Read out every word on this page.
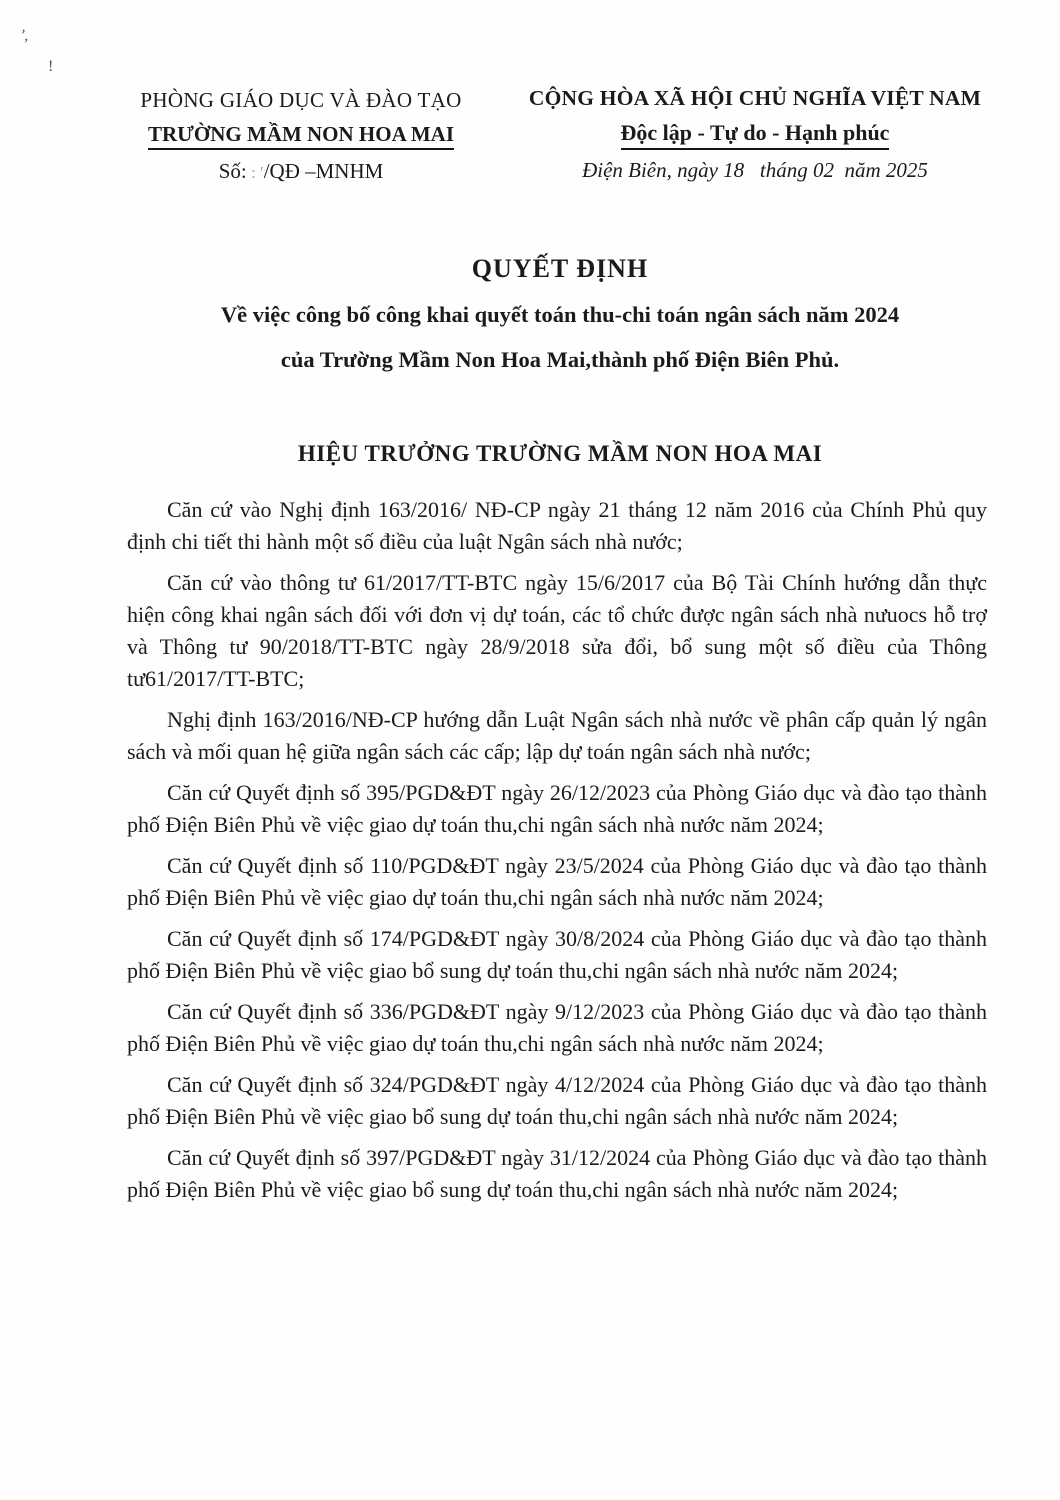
’,
!
PHÒNG GIÁO DỤC VÀ ĐÀO TẠO
TRƯỜNG MẦM NON HOA MAI
Số: : ′/QĐ –MNHM
CỘNG HÒA XÃ HỘI CHỦ NGHĨA VIỆT NAM
Độc lập - Tự do - Hạnh phúc
Điện Biên, ngày 18   tháng 02  năm 2025
QUYẾT ĐỊNH
Về việc công bố công khai quyết toán thu-chi toán ngân sách năm 2024
của Trường Mầm Non Hoa Mai,thành phố Điện Biên Phủ.
HIỆU TRƯỞNG TRƯỜNG MẦM NON HOA MAI

Căn cứ vào Nghị định 163/2016/ NĐ-CP ngày 21 tháng 12 năm 2016 của Chính Phủ quy định chi tiết thi hành một số điều của luật Ngân sách nhà nước;

Căn cứ vào thông tư 61/2017/TT-BTC ngày 15/6/2017 của Bộ Tài Chính hướng dẫn thực hiện công khai ngân sách đối với đơn vị dự toán, các tổ chức được ngân sách nhà nưuocs hỗ trợ và Thông tư 90/2018/TT-BTC ngày 28/9/2018 sửa đổi, bổ sung một số điều của Thông tư61/2017/TT-BTC;

Nghị định 163/2016/NĐ-CP hướng dẫn Luật Ngân sách nhà nước về phân cấp quản lý ngân sách và mối quan hệ giữa ngân sách các cấp; lập dự toán ngân sách nhà nước;

Căn cứ Quyết định số 395/PGD&ĐT ngày 26/12/2023 của Phòng Giáo dục và đào tạo thành phố Điện Biên Phủ về việc giao dự toán thu,chi ngân sách nhà nước năm 2024;

Căn cứ Quyết định số 110/PGD&ĐT ngày 23/5/2024 của Phòng Giáo dục và đào tạo thành phố Điện Biên Phủ về việc giao dự toán thu,chi ngân sách nhà nước năm 2024;

Căn cứ Quyết định số 174/PGD&ĐT ngày 30/8/2024 của Phòng Giáo dục và đào tạo thành phố Điện Biên Phủ về việc giao bổ sung dự toán thu,chi ngân sách nhà nước năm 2024;

Căn cứ Quyết định số 336/PGD&ĐT ngày 9/12/2023 của Phòng Giáo dục và đào tạo thành phố Điện Biên Phủ về việc giao dự toán thu,chi ngân sách nhà nước năm 2024;

Căn cứ Quyết định số 324/PGD&ĐT ngày 4/12/2024 của Phòng Giáo dục và đào tạo thành phố Điện Biên Phủ về việc giao bổ sung dự toán thu,chi ngân sách nhà nước năm 2024;

Căn cứ Quyết định số 397/PGD&ĐT ngày 31/12/2024 của Phòng Giáo dục và đào tạo thành phố Điện Biên Phủ về việc giao bổ sung dự toán thu,chi ngân sách nhà nước năm 2024;
